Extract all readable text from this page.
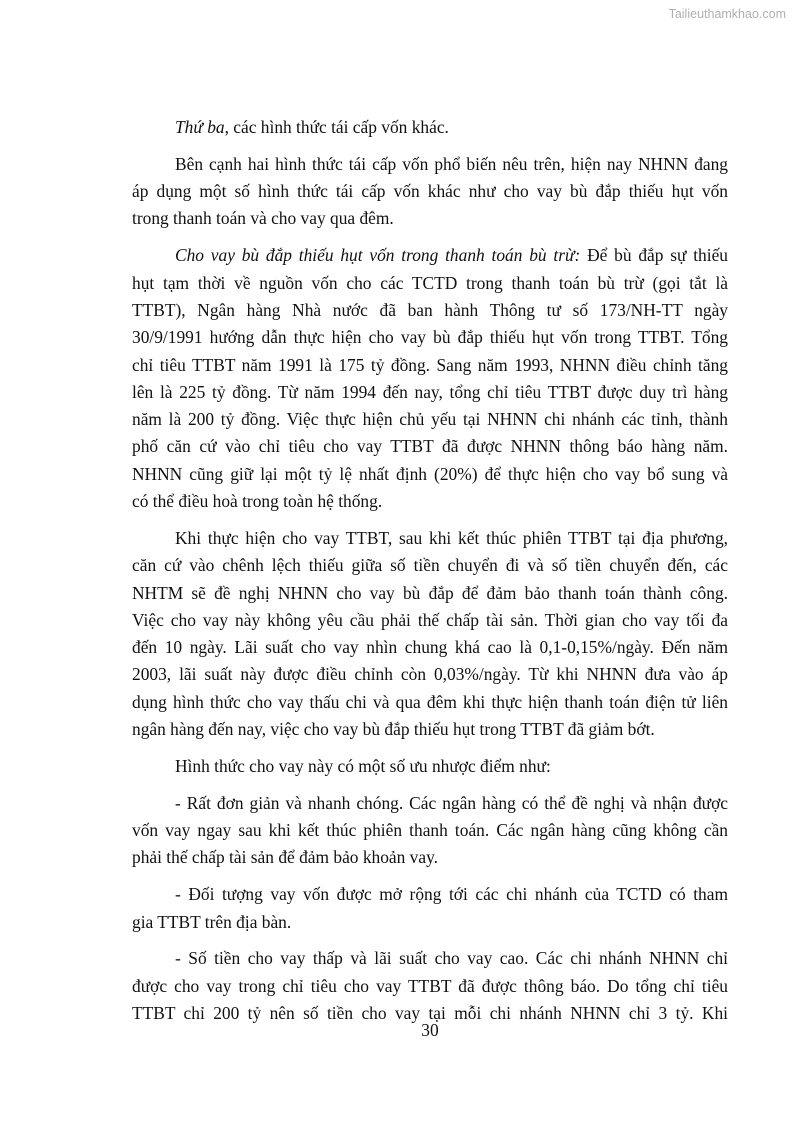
Tailieuthamkhao.com
Thứ ba, các hình thức tái cấp vốn khác.
Bên cạnh hai hình thức tái cấp vốn phổ biến nêu trên, hiện nay NHNN đang
áp dụng một số hình thức tái cấp vốn khác như cho vay bù đắp thiếu hụt vốn
trong thanh toán và cho vay qua đêm.
Cho vay bù đắp thiếu hụt vốn trong thanh toán bù trừ: Để bù đắp sự thiếu
hụt tạm thời về nguồn vốn cho các TCTD trong thanh toán bù trừ (gọi tắt là
TTBT), Ngân hàng Nhà nước đã ban hành Thông tư số 173/NH-TT ngày
30/9/1991 hướng dẫn thực hiện cho vay bù đắp thiếu hụt vốn trong TTBT. Tổng
chỉ tiêu TTBT năm 1991 là 175 tỷ đồng. Sang năm 1993, NHNN điều chỉnh tăng
lên là 225 tỷ đồng. Từ năm 1994 đến nay, tổng chỉ tiêu TTBT được duy trì hàng
năm là 200 tỷ đồng. Việc thực hiện chủ yếu tại NHNN chi nhánh các tỉnh, thành
phố căn cứ vào chỉ tiêu cho vay TTBT đã được NHNN thông báo hàng năm.
NHNN cũng giữ lại một tỷ lệ nhất định (20%) để thực hiện cho vay bổ sung và
có thể điều hoà trong toàn hệ thống.
Khi thực hiện cho vay TTBT, sau khi kết thúc phiên TTBT tại địa phương,
căn cứ vào chênh lệch thiếu giữa số tiền chuyển đi và số tiền chuyển đến, các
NHTM sẽ đề nghị NHNN cho vay bù đắp để đảm bảo thanh toán thành công.
Việc cho vay này không yêu cầu phải thế chấp tài sản. Thời gian cho vay tối đa
đến 10 ngày. Lãi suất cho vay nhìn chung khá cao là 0,1-0,15%/ngày. Đến năm
2003, lãi suất này được điều chỉnh còn 0,03%/ngày. Từ khi NHNN đưa vào áp
dụng hình thức cho vay thấu chi và qua đêm khi thực hiện thanh toán điện tử liên
ngân hàng đến nay, việc cho vay bù đắp thiếu hụt trong TTBT đã giảm bớt.
Hình thức cho vay này có một số ưu nhược điểm như:
- Rất đơn giản và nhanh chóng. Các ngân hàng có thể đề nghị và nhận được
vốn vay ngay sau khi kết thúc phiên thanh toán. Các ngân hàng cũng không cần
phải thế chấp tài sản để đảm bảo khoản vay.
- Đối tượng vay vốn được mở rộng tới các chi nhánh của TCTD có tham
gia TTBT trên địa bàn.
- Số tiền cho vay thấp và lãi suất cho vay cao. Các chi nhánh NHNN chỉ
được cho vay trong chỉ tiêu cho vay TTBT đã được thông báo. Do tổng chỉ tiêu
TTBT chỉ 200 tỷ nên số tiền cho vay tại mỗi chi nhánh NHNN chỉ 3 tỷ. Khi
30
